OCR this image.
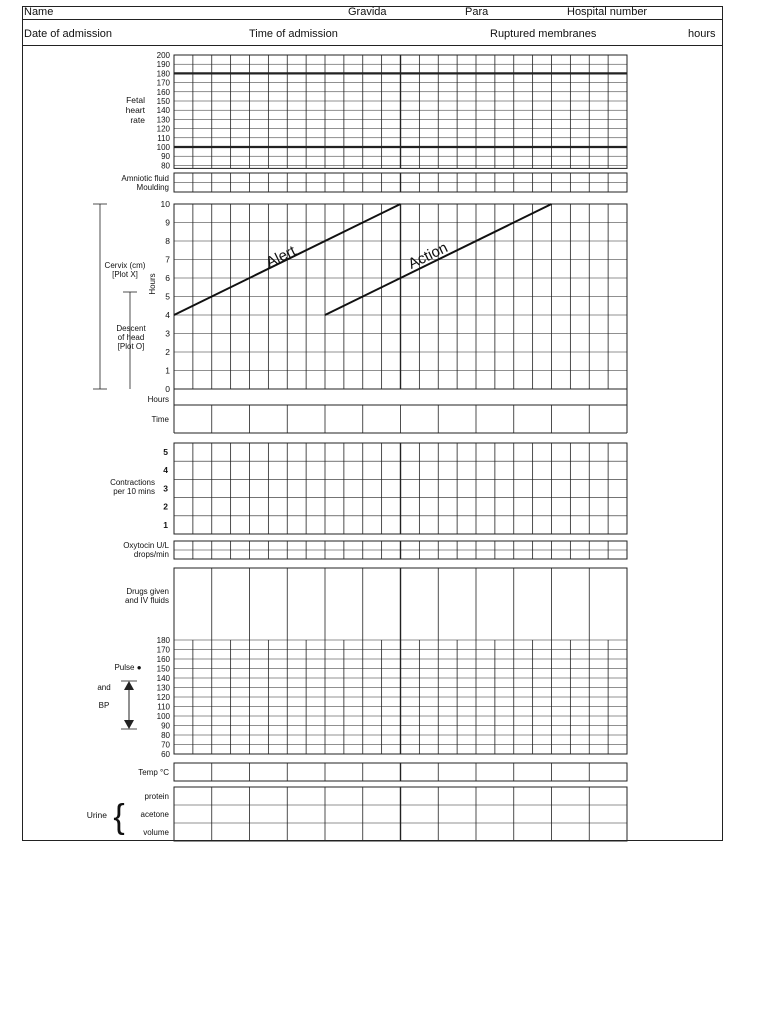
Name	Gravida	Para	Hospital number
Date of admission	Time of admission	Ruptured membranes	hours
200
190
180
170
160
150
140
130
120
110
100
90
80
Fetal
heart
rate
Amniotic fluid
Moulding
10
9
8
7
6
5
4
3
2
1
0
Hours
Time
Alert	Action
Cervix (cm)
[Plot X]
Descent
of head
[Plot O]
Hours
5
4
3
2
1
Contractions
per 10 mins
Oxytocin U/L
drops/min
Drugs given
and IV fluids
180
170
160
150
140
130
120
110
100
90
80
70
60
Pulse ●
and
BP
Temp °C
protein
acetone
volume
Urine {
